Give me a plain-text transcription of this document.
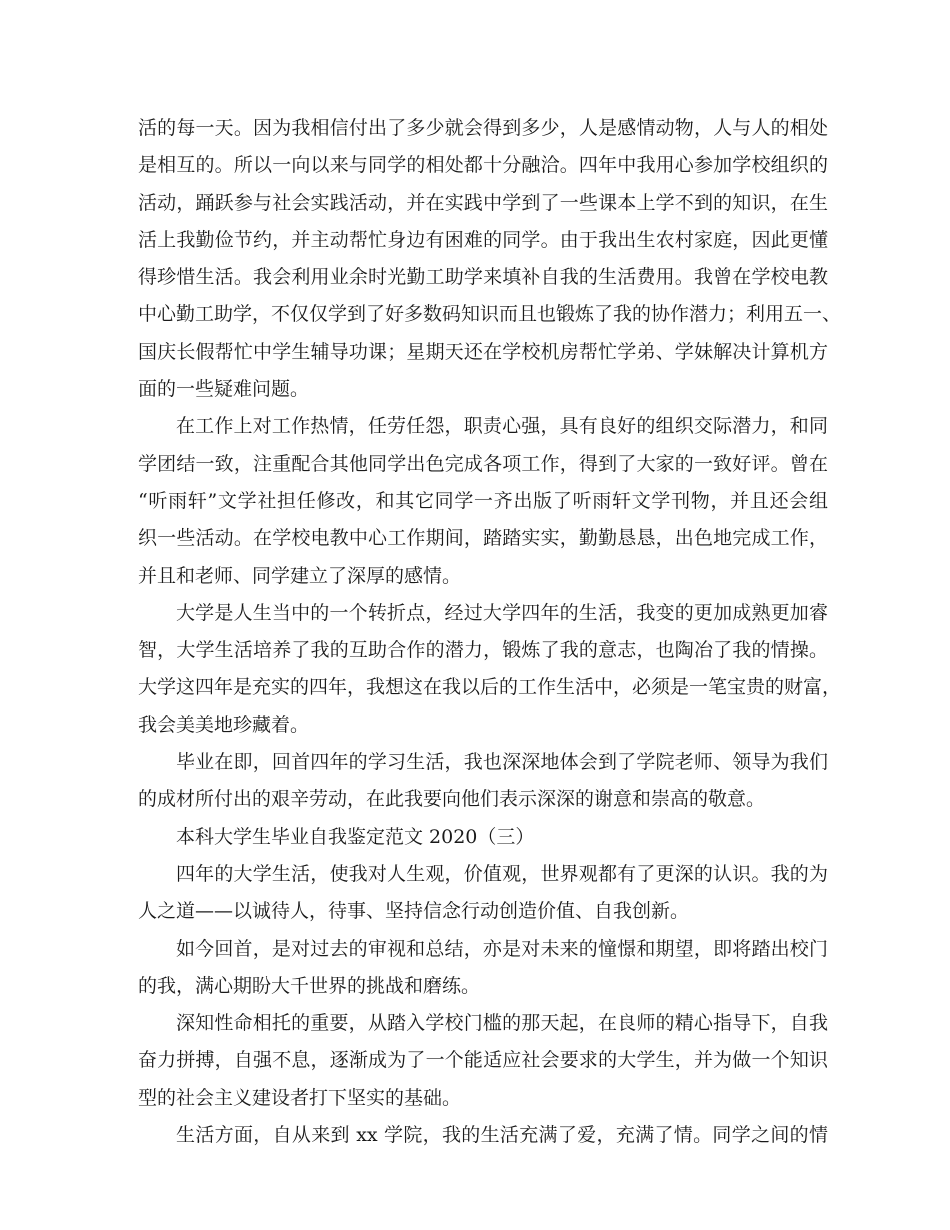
活的每一天。因为我相信付出了多少就会得到多少，人是感情动物，人与人的相处
是相互的。所以一向以来与同学的相处都十分融洽。四年中我用心参加学校组织的
活动，踊跃参与社会实践活动，并在实践中学到了一些课本上学不到的知识，在生
活上我勤俭节约，并主动帮忙身边有困难的同学。由于我出生农村家庭，因此更懂
得珍惜生活。我会利用业余时光勤工助学来填补自我的生活费用。我曾在学校电教
中心勤工助学，不仅仅学到了好多数码知识而且也锻炼了我的协作潜力；利用五一、
国庆长假帮忙中学生辅导功课；星期天还在学校机房帮忙学弟、学妹解决计算机方
面的一些疑难问题。
在工作上对工作热情，任劳任怨，职责心强，具有良好的组织交际潜力，和同
学团结一致，注重配合其他同学出色完成各项工作，得到了大家的一致好评。曾在
“听雨轩”文学社担任修改，和其它同学一齐出版了听雨轩文学刊物，并且还会组
织一些活动。在学校电教中心工作期间，踏踏实实，勤勤恳恳，出色地完成工作，
并且和老师、同学建立了深厚的感情。
大学是人生当中的一个转折点，经过大学四年的生活，我变的更加成熟更加睿
智，大学生活培养了我的互助合作的潜力，锻炼了我的意志，也陶冶了我的情操。
大学这四年是充实的四年，我想这在我以后的工作生活中，必须是一笔宝贵的财富，
我会美美地珍藏着。
毕业在即，回首四年的学习生活，我也深深地体会到了学院老师、领导为我们
的成材所付出的艰辛劳动，在此我要向他们表示深深的谢意和崇高的敬意。
本科大学生毕业自我鉴定范文 2020（三）
四年的大学生活，使我对人生观，价值观，世界观都有了更深的认识。我的为
人之道——以诚待人，待事、坚持信念行动创造价值、自我创新。
如今回首，是对过去的审视和总结，亦是对未来的憧憬和期望，即将踏出校门
的我，满心期盼大千世界的挑战和磨练。
深知性命相托的重要，从踏入学校门槛的那天起，在良师的精心指导下，自我
奋力拼搏，自强不息，逐渐成为了一个能适应社会要求的大学生，并为做一个知识
型的社会主义建设者打下坚实的基础。
生活方面，自从来到 xx 学院，我的生活充满了爱，充满了情。同学之间的情
